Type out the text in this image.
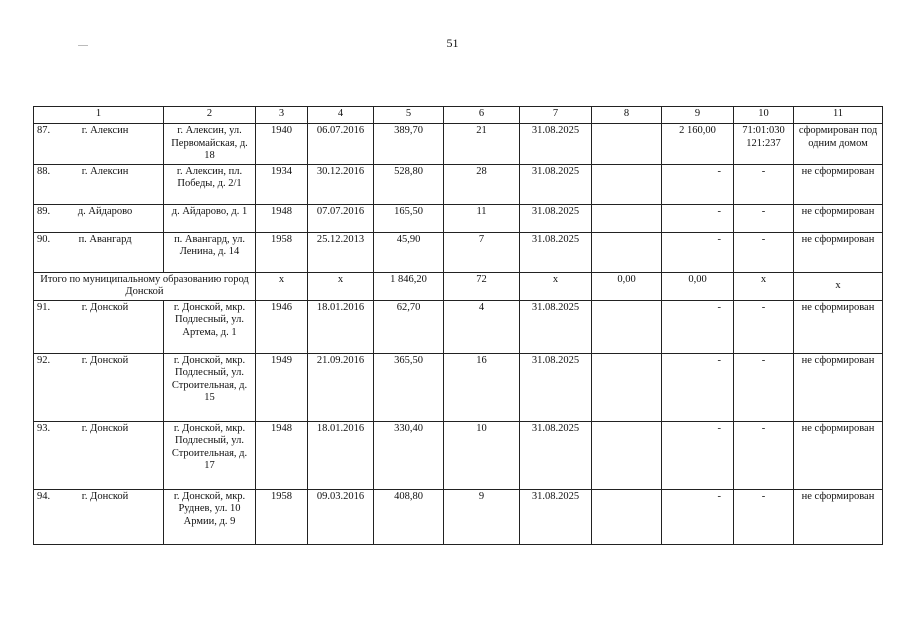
51
1	2	3	4	5	6	7	8	9	10	11

87. г. Алексин	г. Алексин, ул. Первомайская, д. 18	1940	06.07.2016	389,70	21	31.08.2025		2 160,00	71:01:030 121:237	сформирован под одним домом

88. г. Алексин	г. Алексин, пл. Победы, д. 2/1	1934	30.12.2016	528,80	28	31.08.2025		-	-	не сформирован

89. д. Айдарово	д. Айдарово, д. 1	1948	07.07.2016	165,50	11	31.08.2025		-	-	не сформирован

90. п. Авангард	п. Авангард, ул. Ленина, д. 14	1958	25.12.2013	45,90	7	31.08.2025		-	-	не сформирован
Итого по муниципальному образованию город Донской		х	х	1 846,20	72	х	0,00	0,00	х	х

91. г. Донской	г. Донской, мкр. Подлесный, ул. Артема, д. 1	1946	18.01.2016	62,70	4	31.08.2025		-	-	не сформирован

92. г. Донской	г. Донской, мкр. Подлесный, ул. Строительная, д. 15	1949	21.09.2016	365,50	16	31.08.2025		-	-	не сформирован

93. г. Донской	г. Донской, мкр. Подлесный, ул. Строительная, д. 17	1948	18.01.2016	330,40	10	31.08.2025		-	-	не сформирован

94. г. Донской	г. Донской, мкр. Руднев, ул. 10 Армии, д. 9	1958	09.03.2016	408,80	9	31.08.2025		-	-	не сформирован
